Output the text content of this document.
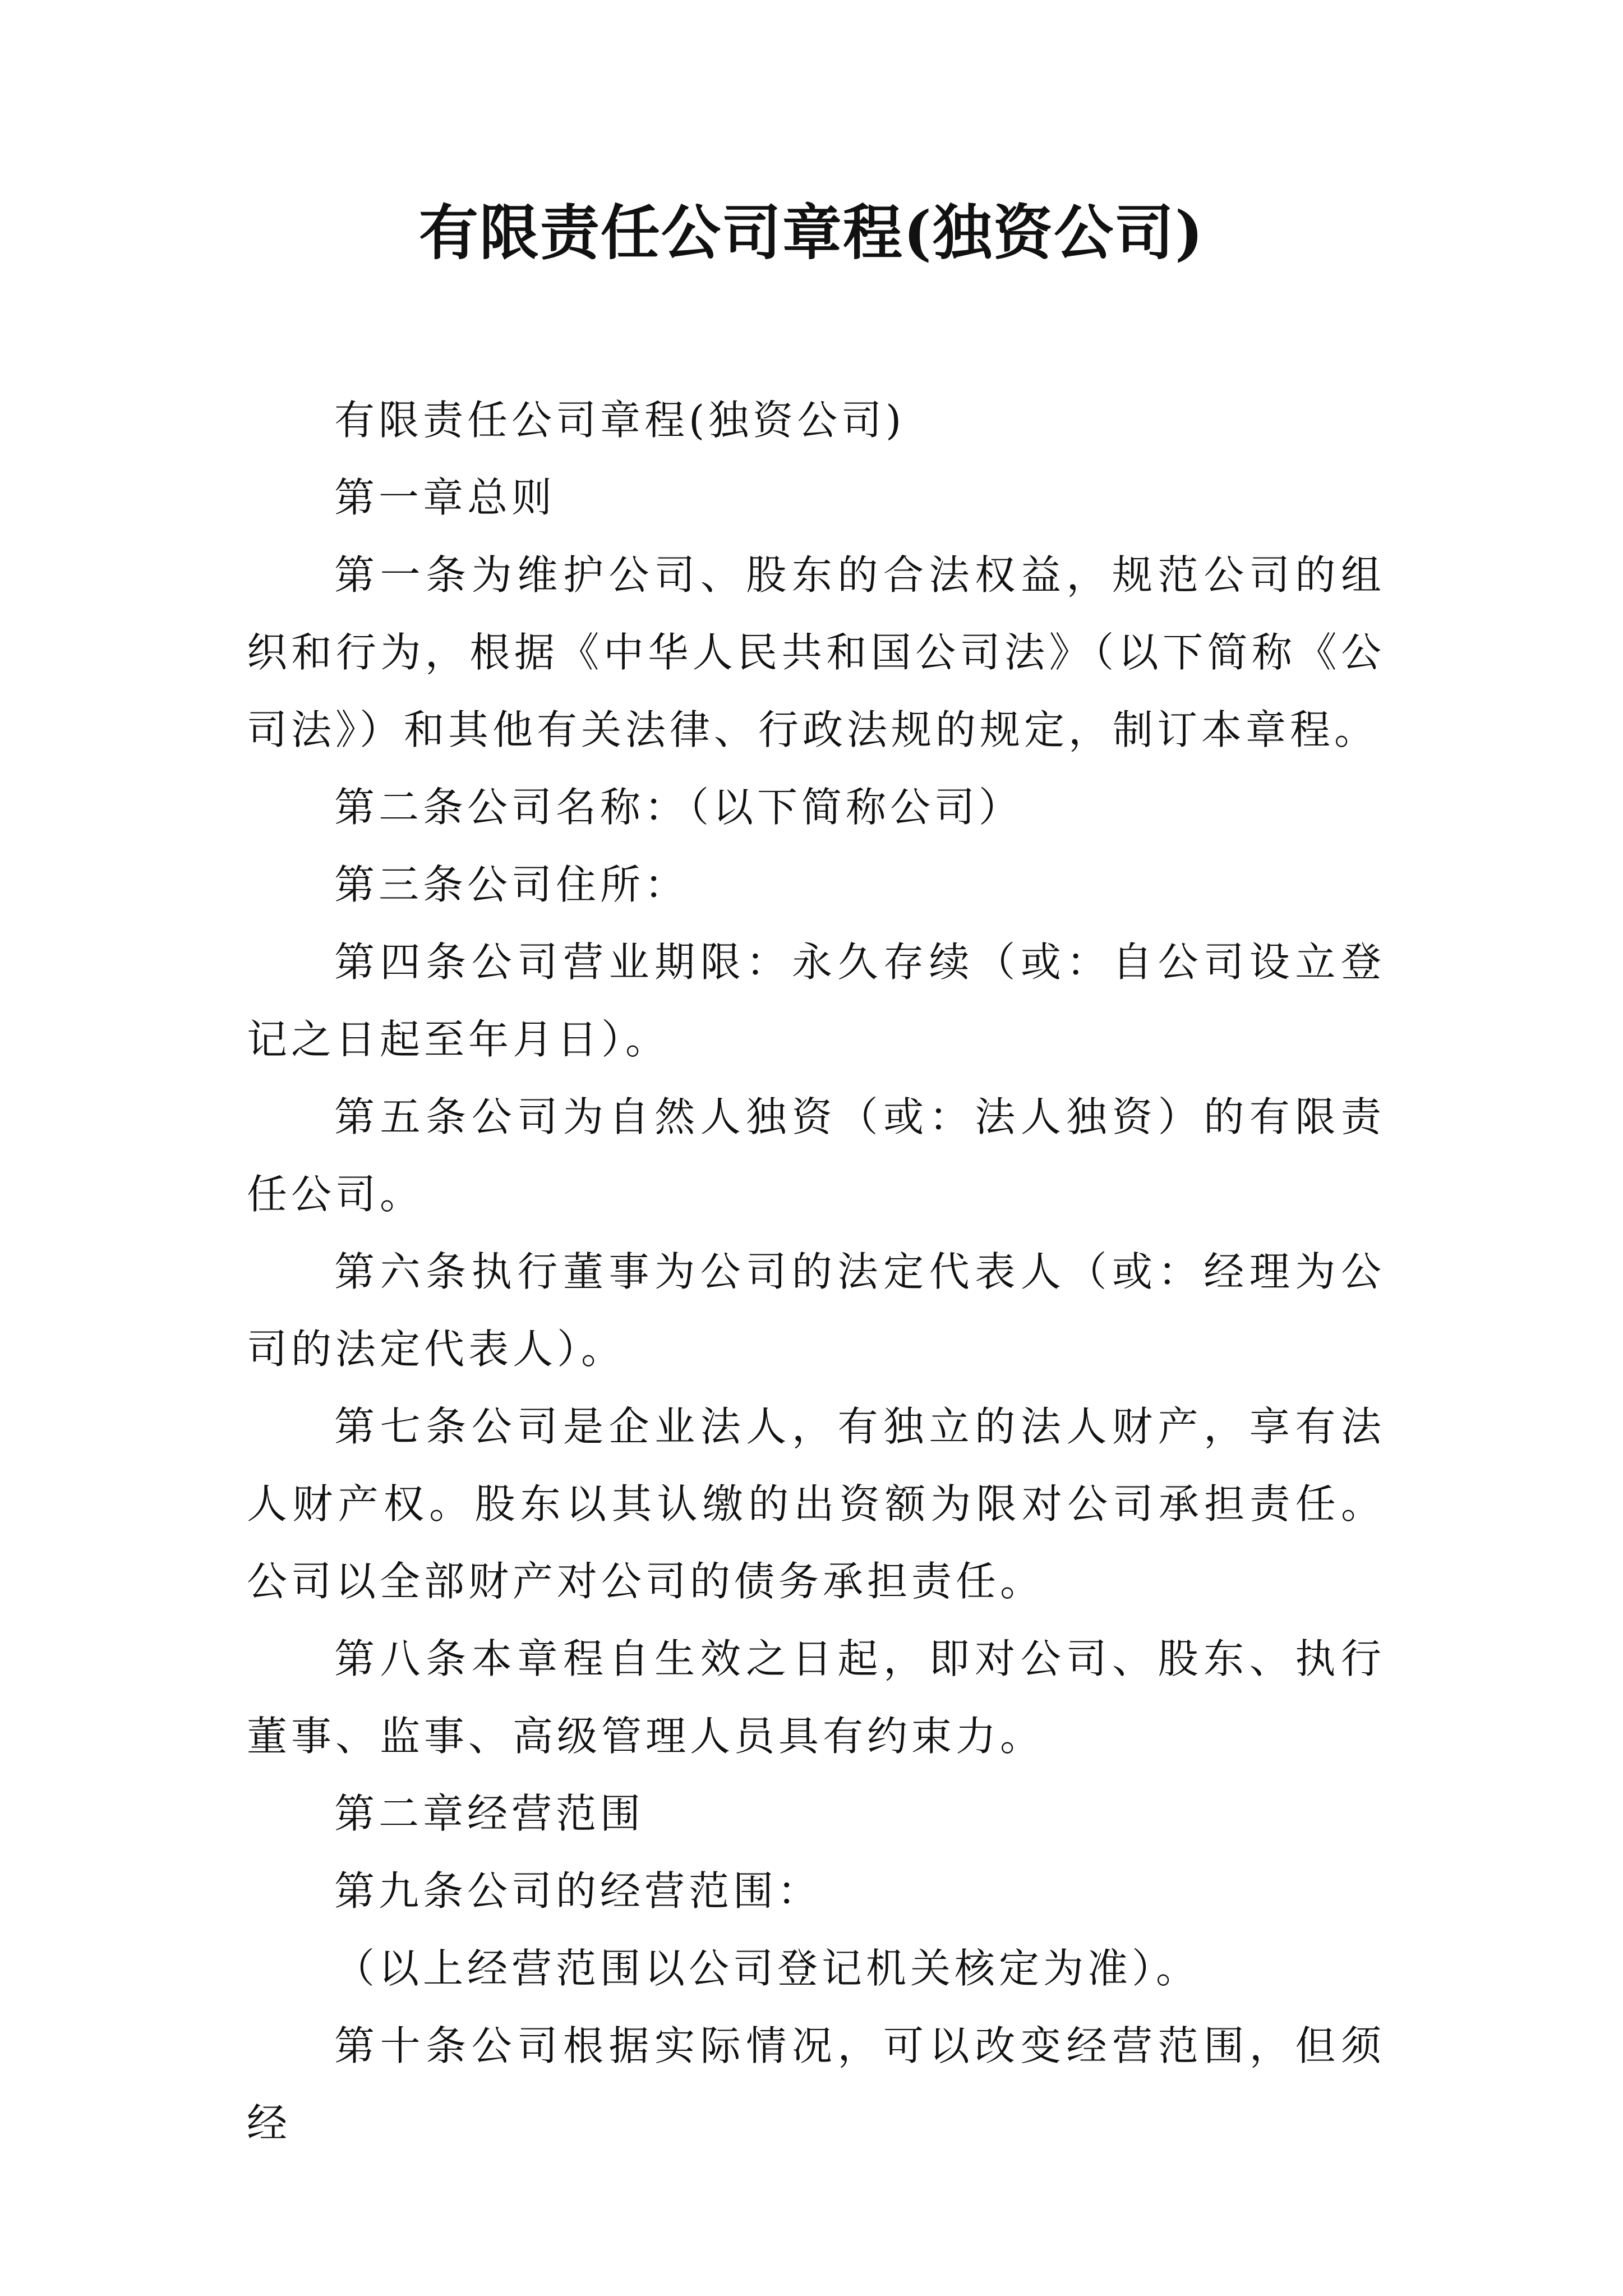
有限责任公司章程(独资公司)

有限责任公司章程(独资公司)

第一章总则

第一条为维护公司、股东的合法权益，规范公司的组织和行为，根据《中华人民共和国公司法》（以下简称《公司法》）和其他有关法律、行政法规的规定，制订本章程。

第二条公司名称：（以下简称公司）

第三条公司住所：

第四条公司营业期限：永久存续（或：自公司设立登记之日起至年月日）。

第五条公司为自然人独资（或：法人独资）的有限责任公司。

第六条执行董事为公司的法定代表人（或：经理为公司的法定代表人）。

第七条公司是企业法人，有独立的法人财产，享有法人财产权。股东以其认缴的出资额为限对公司承担责任。公司以全部财产对公司的债务承担责任。

第八条本章程自生效之日起，即对公司、股东、执行董事、监事、高级管理人员具有约束力。

第二章经营范围

第九条公司的经营范围：

（以上经营范围以公司登记机关核定为准）。

第十条公司根据实际情况，可以改变经营范围，但须经
